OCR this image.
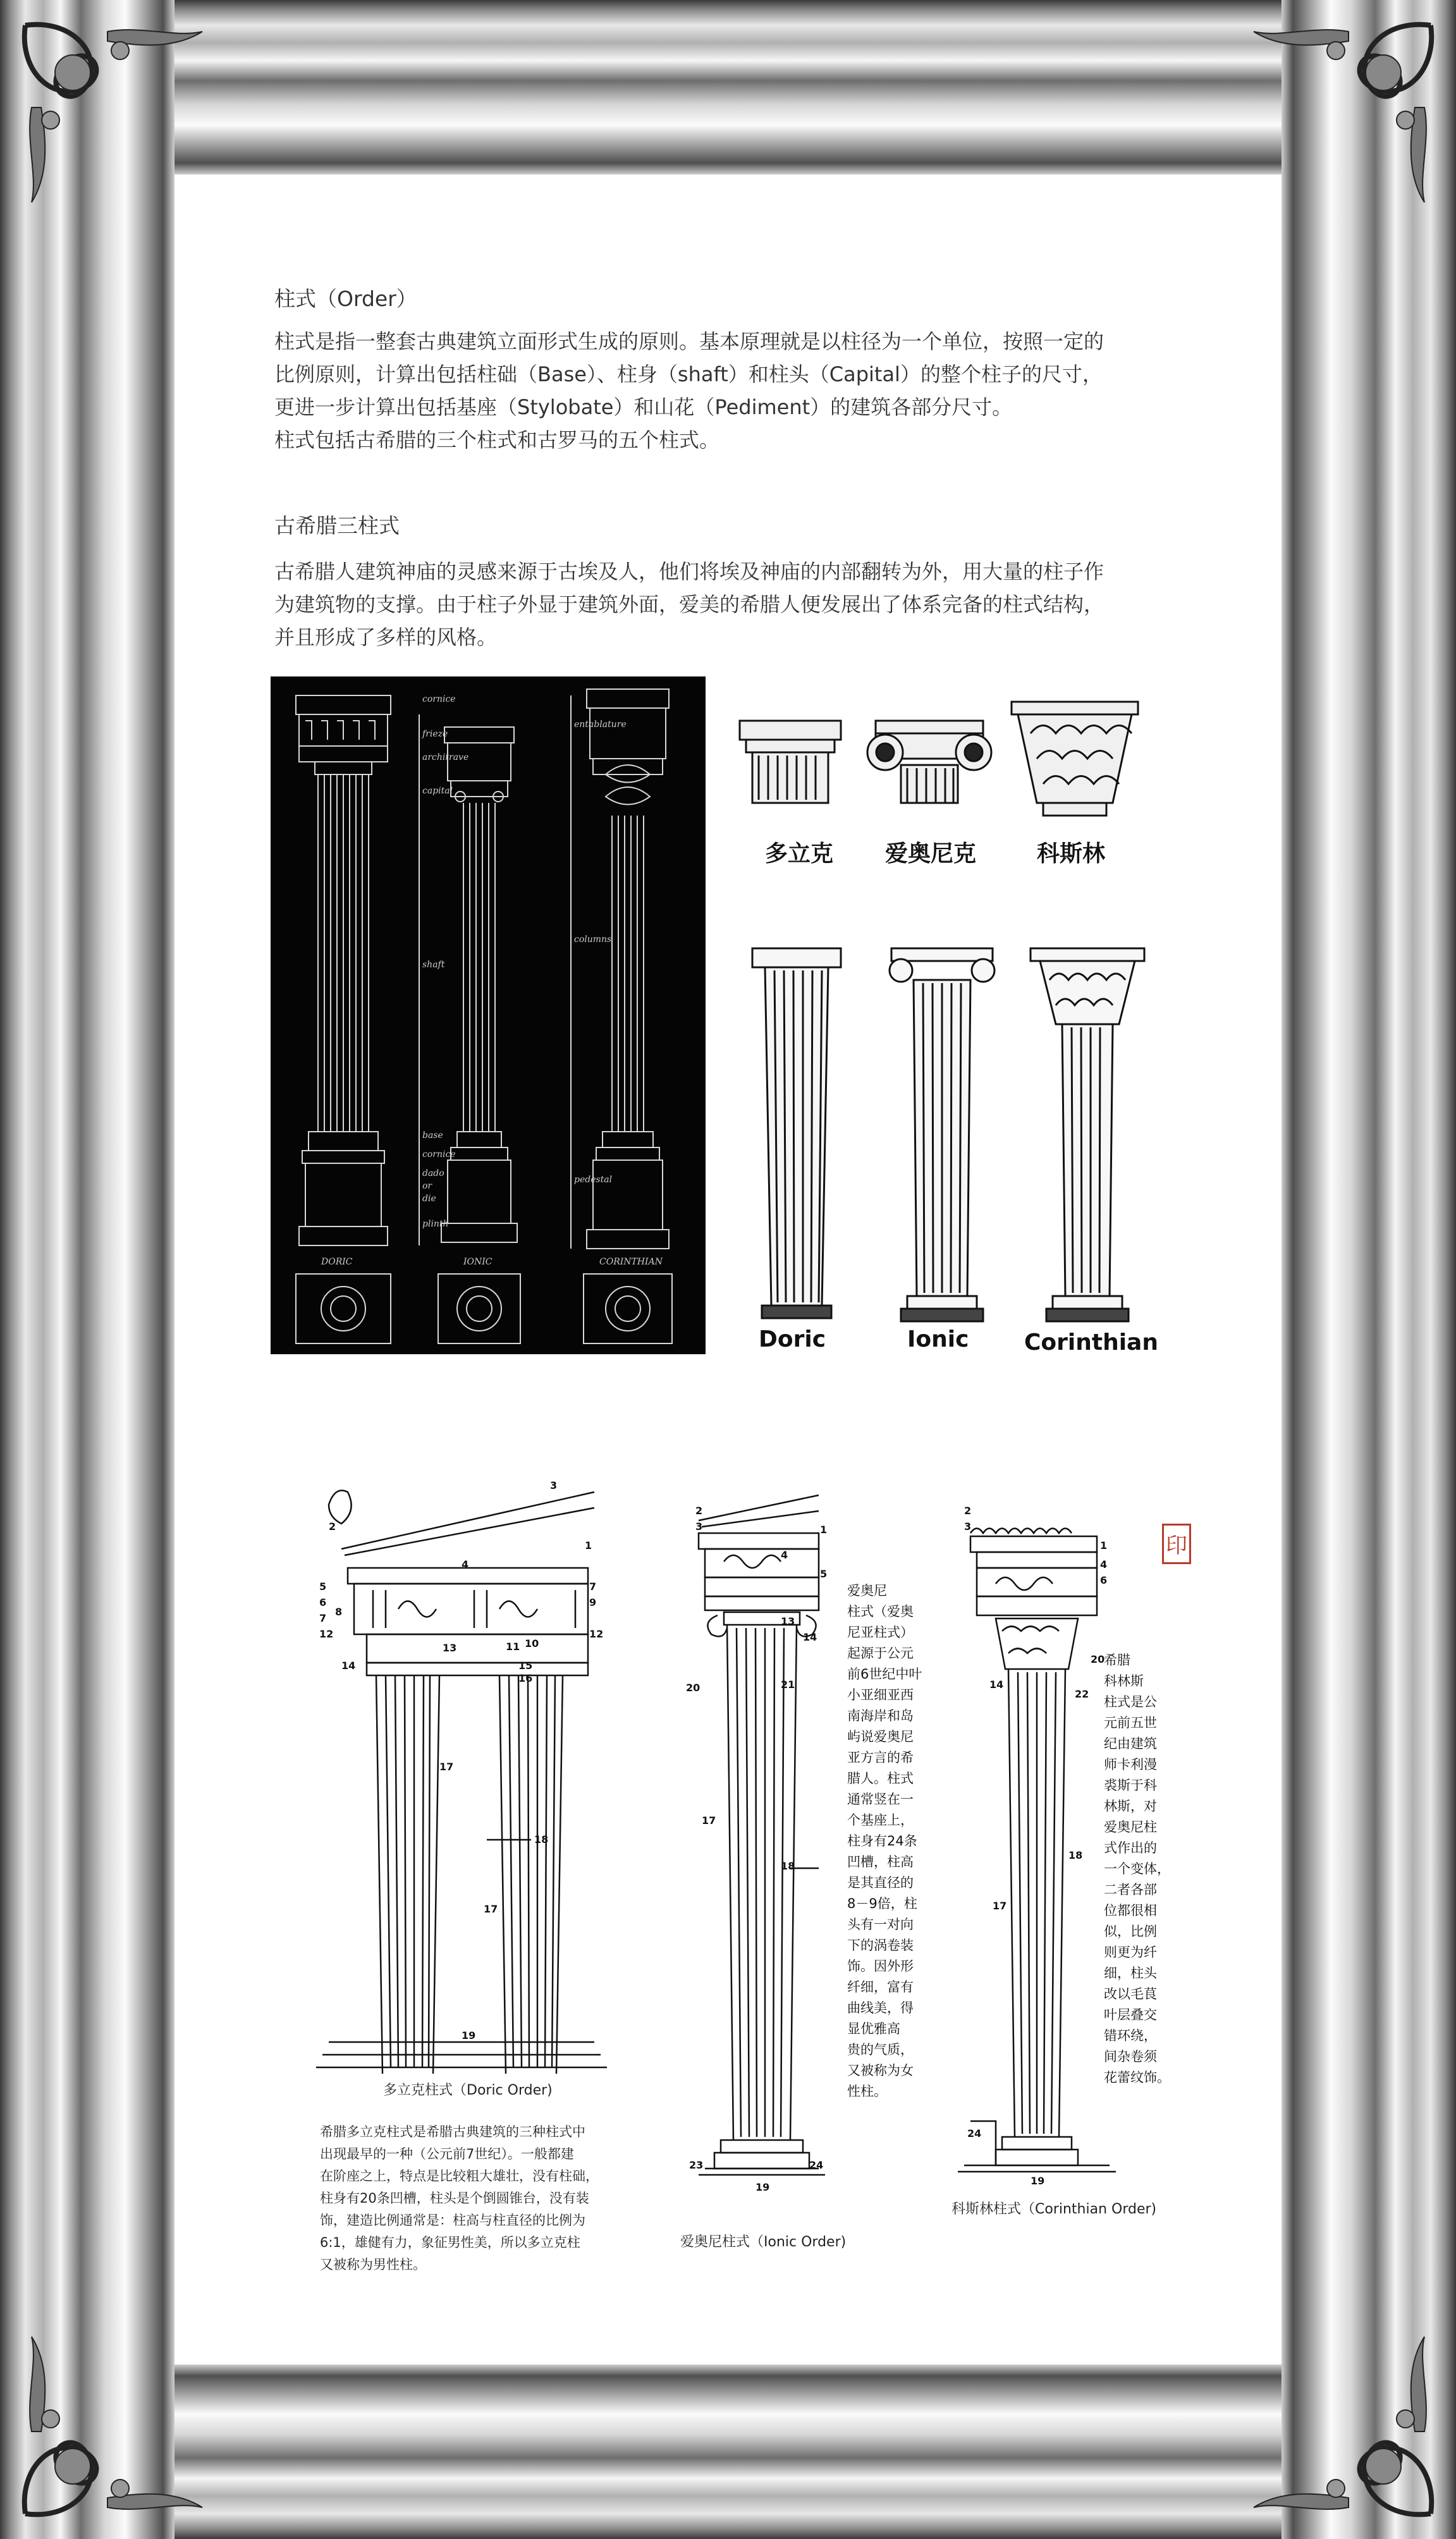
柱式（Order）
柱式是指一整套古典建筑立面形式生成的原则。基本原理就是以柱径为一个单位，按照一定的
比例原则，计算出包括柱础（Base）、柱身（shaft）和柱头（Capital）的整个柱子的尺寸，
更进一步计算出包括基座（Stylobate）和山花（Pediment）的建筑各部分尺寸。
柱式包括古希腊的三个柱式和古罗马的五个柱式。
古希腊三柱式
古希腊人建筑神庙的灵感来源于古埃及人，他们将埃及神庙的内部翻转为外，用大量的柱子作
为建筑物的支撑。由于柱子外显于建筑外面，爱美的希腊人便发展出了体系完备的柱式结构，
并且形成了多样的风格。
cornice
frieze
architrave
capital
shaft
base
cornice
dado
or
die
plinth
entablature
columns
pedestal
DORIC	IONIC	CORINTHIAN
多立克 爱奥尼克	科斯林
Doric	Ionic Corinthian
3
2
1
4
5
6
7
8
9
7
10
11
12	12
13
14	15
16
17
18
17
19
多立克柱式（Doric Order)
希腊多立克柱式是希腊古典建筑的三种柱式中
出现最早的一种（公元前7世纪）。一般都建
在阶座之上，特点是比较粗大雄壮，没有柱础，
柱身有20条凹槽，柱头是个倒圆锥台，没有装
饰，建造比例通常是：柱高与柱直径的比例为
6:1，雄健有力，象征男性美，所以多立克柱
又被称为男性柱。
2
3	1
4
5
13
14
20	21
17
18
23	24
19
爱奥尼
柱式（爱奥
尼亚柱式）
起源于公元
前6世纪中叶
小亚细亚西
南海岸和岛
屿说爱奥尼
亚方言的希
腊人。柱式
通常竖在一
个基座上，
柱身有24条
凹槽，柱高
是其直径的
8－9倍，柱
头有一对向
下的涡卷装
饰。因外形
纤细，富有
曲线美，得
显优雅高
贵的气质，
又被称为女
性柱。
爱奥尼柱式（Ionic Order)
2
3
1
4
6
20
14
22
18
17
24
19
希腊
科林斯
柱式是公
元前五世
纪由建筑
师卡利漫
裘斯于科
林斯，对
爱奥尼柱
式作出的
一个变体，
二者各部
位都很相
似，比例
则更为纤
细，柱头
改以毛茛
叶层叠交
错环绕，
间杂卷须
花蕾纹饰。
科斯林柱式（Corinthian Order)
印
